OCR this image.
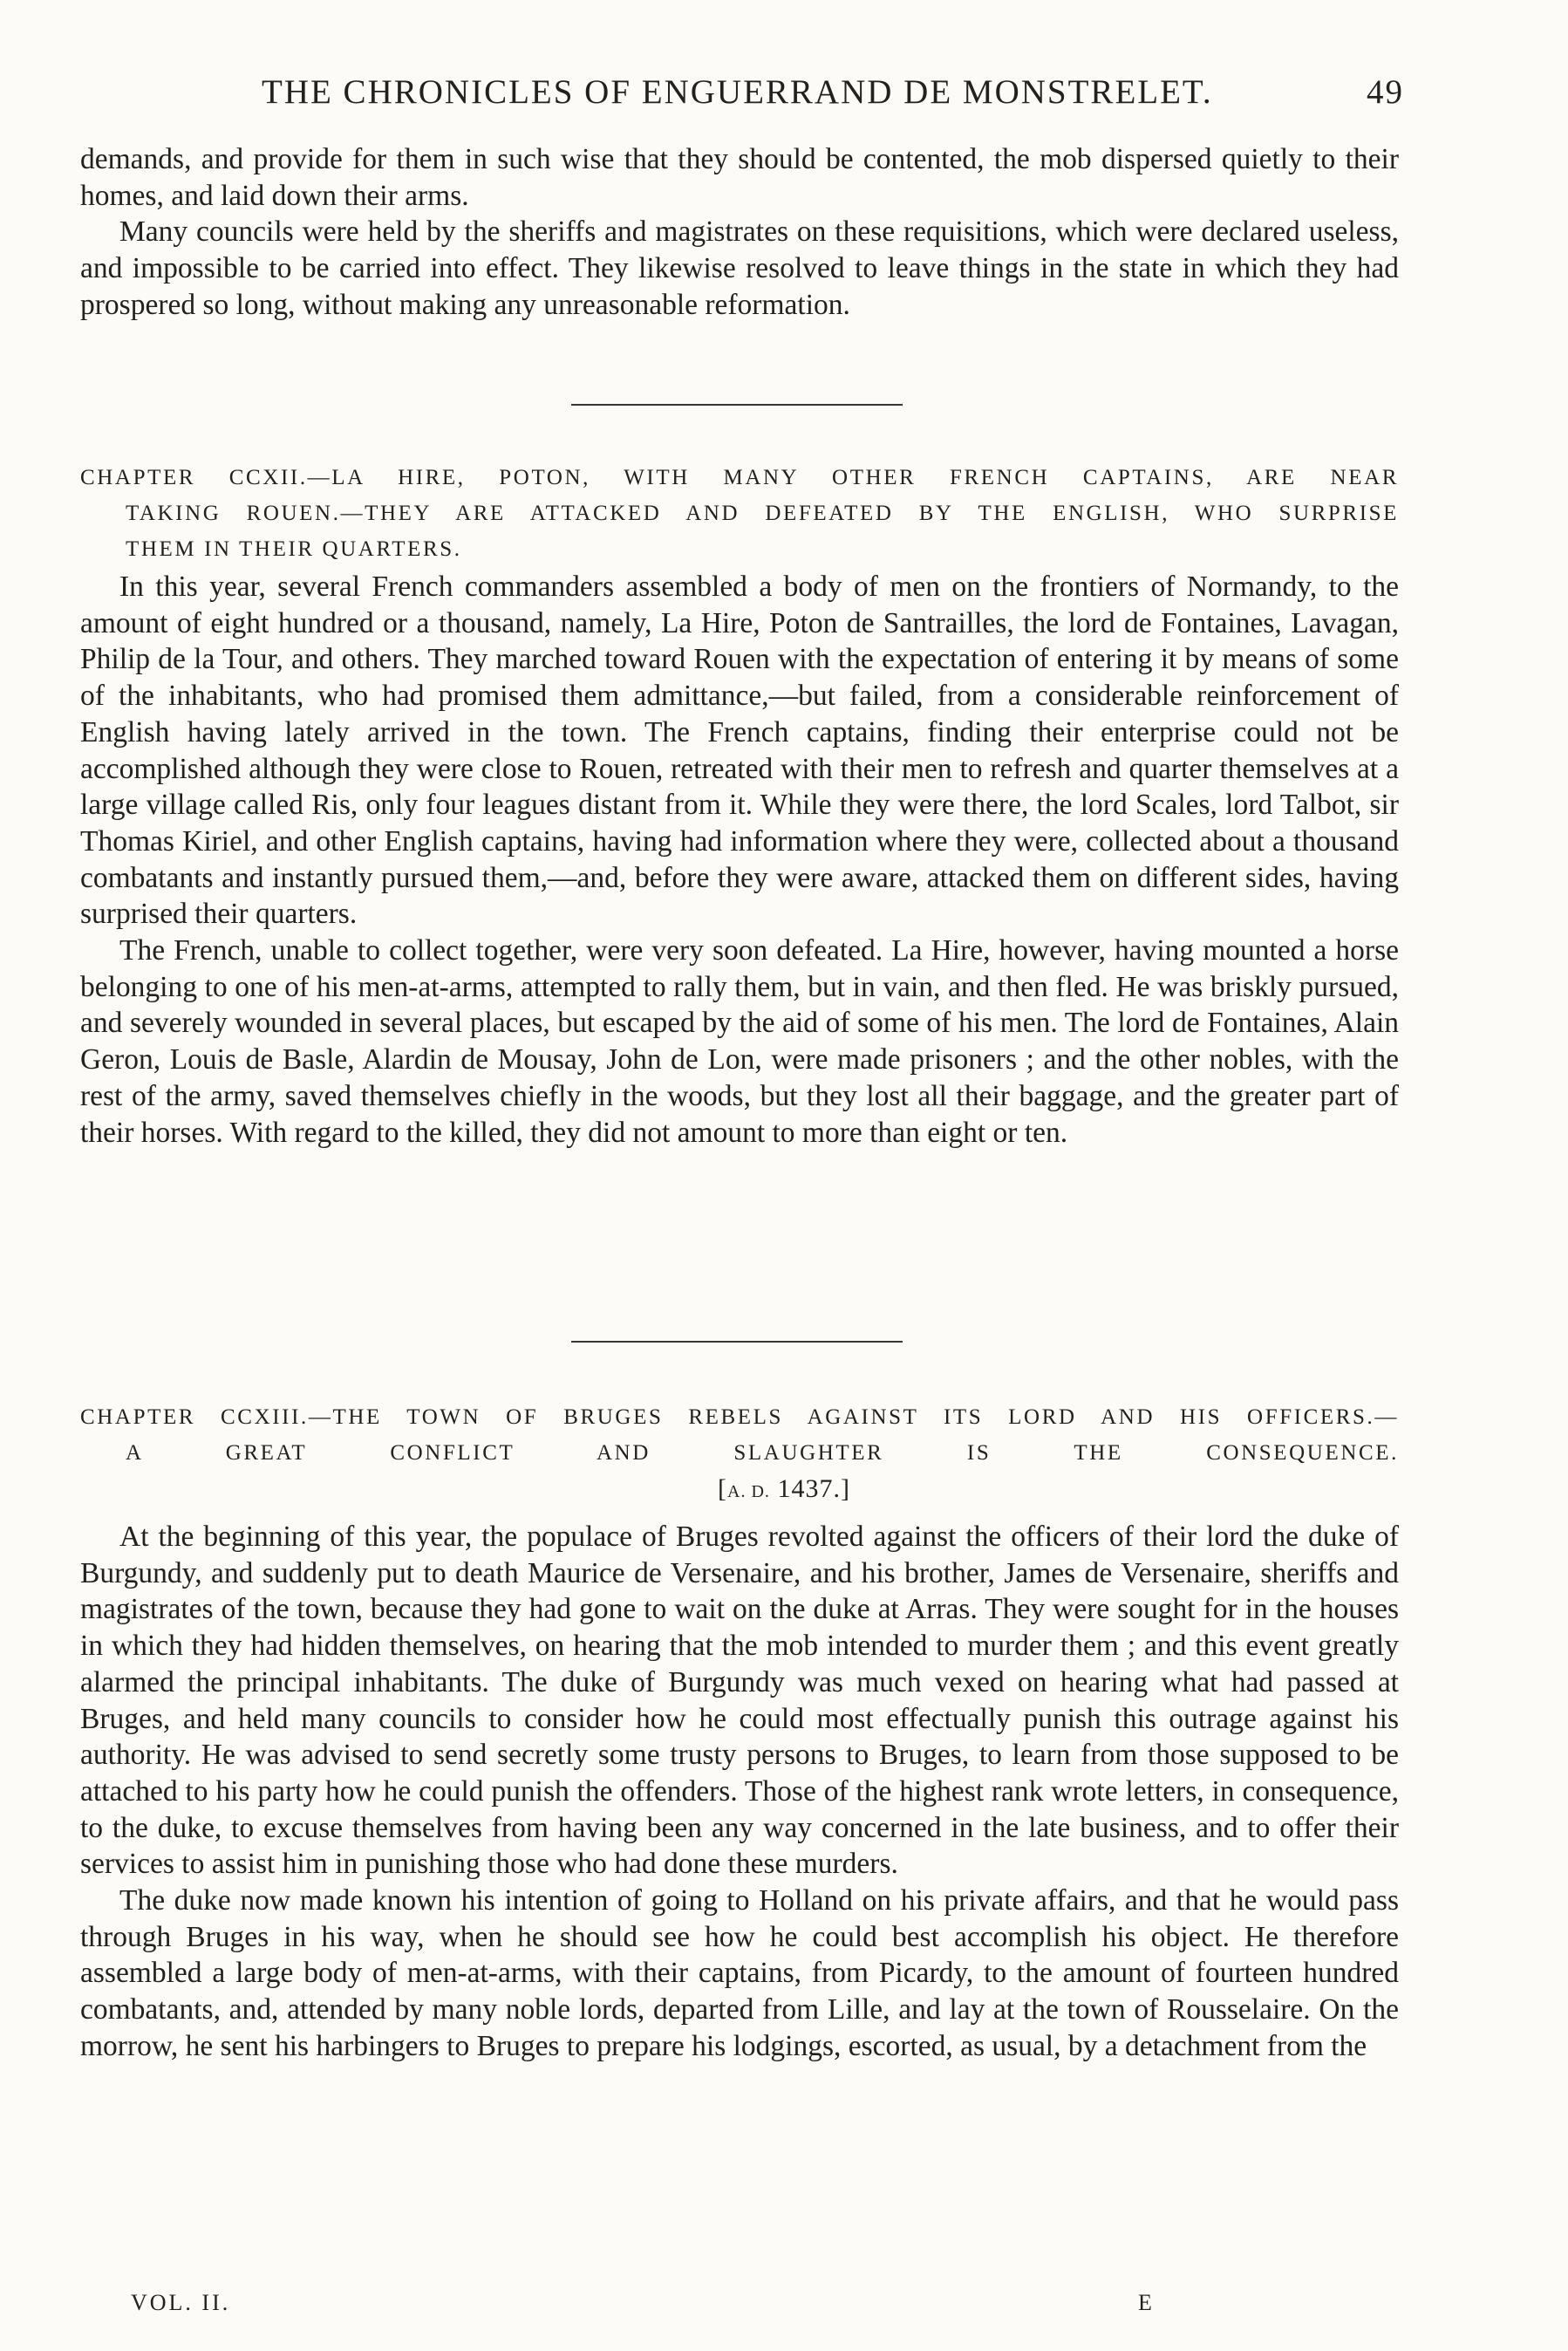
THE CHRONICLES OF ENGUERRAND DE MONSTRELET.	49

demands, and provide for them in such wise that they should be contented, the mob dispersed quietly to their homes, and laid down their arms.

Many councils were held by the sheriffs and magistrates on these requisitions, which were declared useless, and impossible to be carried into effect. They likewise resolved to leave things in the state in which they had prospered so long, without making any unreasonable reformation.

CHAPTER CCXII.—LA HIRE, POTON, WITH MANY OTHER FRENCH CAPTAINS, ARE NEAR
TAKING ROUEN.—THEY ARE ATTACKED AND DEFEATED BY THE ENGLISH, WHO SURPRISE
THEM IN THEIR QUARTERS.

In this year, several French commanders assembled a body of men on the frontiers of Normandy, to the amount of eight hundred or a thousand, namely, La Hire, Poton de Santrailles, the lord de Fontaines, Lavagan, Philip de la Tour, and others. They marched toward Rouen with the expectation of entering it by means of some of the inhabitants, who had promised them admittance,—but failed, from a considerable reinforcement of English having lately arrived in the town. The French captains, finding their enterprise could not be accomplished although they were close to Rouen, retreated with their men to refresh and quarter themselves at a large village called Ris, only four leagues distant from it. While they were there, the lord Scales, lord Talbot, sir Thomas Kiriel, and other English captains, having had information where they were, collected about a thousand combatants and instantly pursued them,—and, before they were aware, attacked them on different sides, having surprised their quarters.

The French, unable to collect together, were very soon defeated. La Hire, however, having mounted a horse belonging to one of his men-at-arms, attempted to rally them, but in vain, and then fled. He was briskly pursued, and severely wounded in several places, but escaped by the aid of some of his men. The lord de Fontaines, Alain Geron, Louis de Basle, Alardin de Mousay, John de Lon, were made prisoners ; and the other nobles, with the rest of the army, saved themselves chiefly in the woods, but they lost all their baggage, and the greater part of their horses. With regard to the killed, they did not amount to more than eight or ten.

CHAPTER CCXIII.—THE TOWN OF BRUGES REBELS AGAINST ITS LORD AND HIS OFFICERS.—
A GREAT CONFLICT AND SLAUGHTER IS THE CONSEQUENCE.
[A. D. 1437.]

At the beginning of this year, the populace of Bruges revolted against the officers of their lord the duke of Burgundy, and suddenly put to death Maurice de Versenaire, and his brother, James de Versenaire, sheriffs and magistrates of the town, because they had gone to wait on the duke at Arras. They were sought for in the houses in which they had hidden themselves, on hearing that the mob intended to murder them ; and this event greatly alarmed the principal inhabitants. The duke of Burgundy was much vexed on hearing what had passed at Bruges, and held many councils to consider how he could most effectually punish this outrage against his authority. He was advised to send secretly some trusty persons to Bruges, to learn from those supposed to be attached to his party how he could punish the offenders. Those of the highest rank wrote letters, in consequence, to the duke, to excuse themselves from having been any way concerned in the late business, and to offer their services to assist him in punishing those who had done these murders.

The duke now made known his intention of going to Holland on his private affairs, and that he would pass through Bruges in his way, when he should see how he could best accomplish his object. He therefore assembled a large body of men-at-arms, with their captains, from Picardy, to the amount of fourteen hundred combatants, and, attended by many noble lords, departed from Lille, and lay at the town of Rousselaire. On the morrow, he sent his harbingers to Bruges to prepare his lodgings, escorted, as usual, by a detachment from the

VOL. II.	E
